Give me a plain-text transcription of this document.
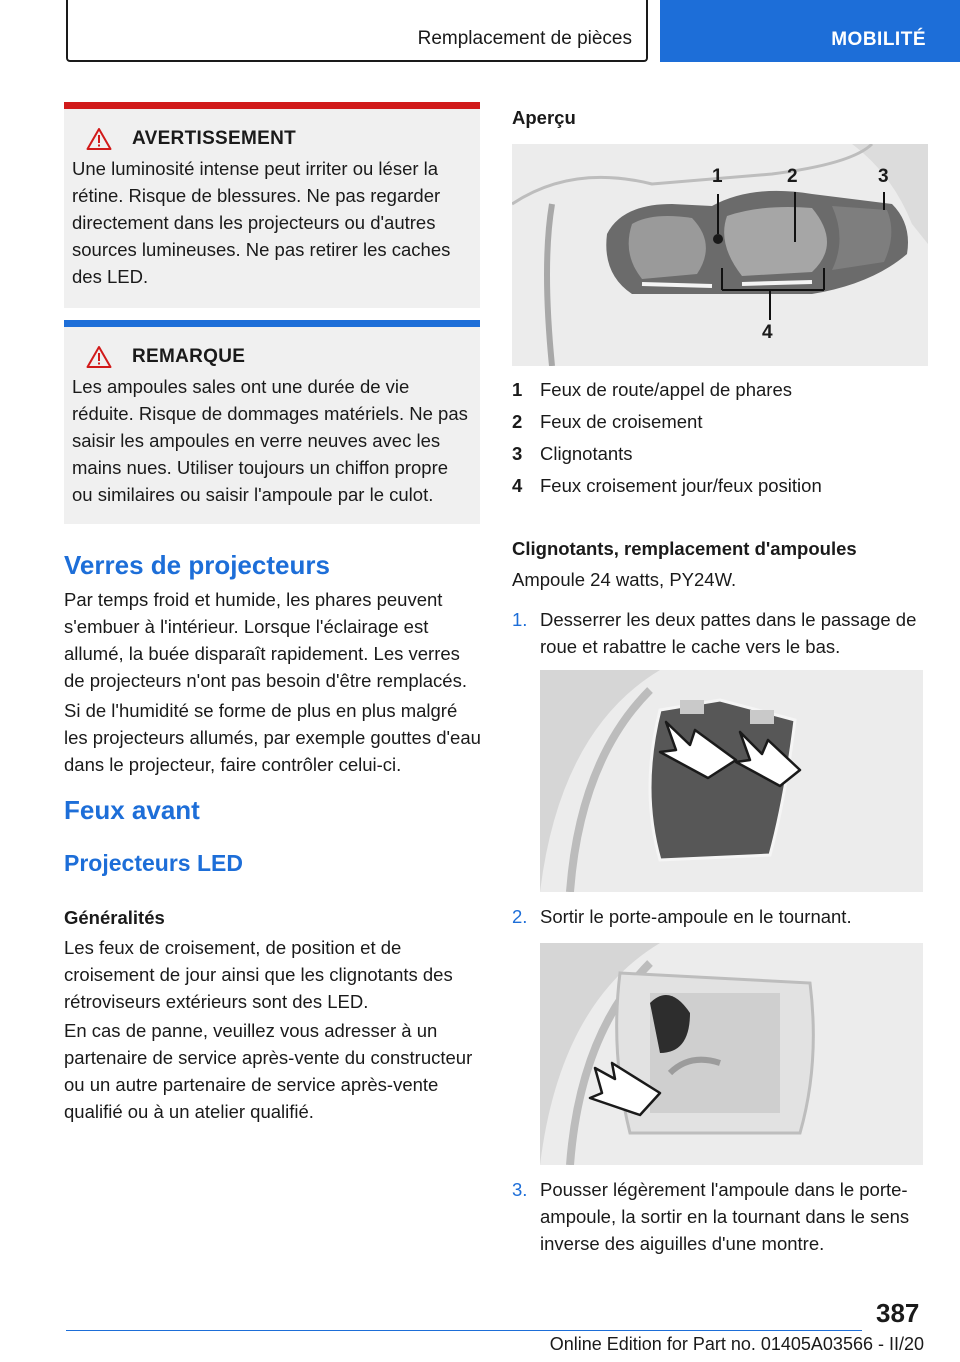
Remplacement de pièces	MOBILITÉ
AVERTISSEMENT
Une luminosité intense peut irriter ou léser la rétine. Risque de blessures. Ne pas regarder directement dans les projecteurs ou d'autres sources lumineuses. Ne pas retirer les caches des LED.
REMARQUE
Les ampoules sales ont une durée de vie réduite. Risque de dommages matériels. Ne pas saisir les ampoules en verre neuves avec les mains nues. Utiliser toujours un chiffon propre ou similaires ou saisir l'ampoule par le culot.
Verres de projecteurs
Par temps froid et humide, les phares peuvent s'embuer à l'intérieur. Lorsque l'éclairage est allumé, la buée disparaît rapidement. Les verres de projecteurs n'ont pas besoin d'être remplacés.
Si de l'humidité se forme de plus en plus malgré les projecteurs allumés, par exemple gouttes d'eau dans le projecteur, faire contrôler celui-ci.
Feux avant
Projecteurs LED
Généralités
Les feux de croisement, de position et de croisement de jour ainsi que les clignotants des rétroviseurs extérieurs sont des LED.
En cas de panne, veuillez vous adresser à un partenaire de service après-vente du constructeur ou un autre partenaire de service après-vente qualifié ou à un atelier qualifié.
Aperçu
1	2	3
4
1 Feux de route/appel de phares
2 Feux de croisement
3 Clignotants
4 Feux croisement jour/feux position
Clignotants, remplacement d'ampoules
Ampoule 24 watts, PY24W.
1. Desserrer les deux pattes dans le passage de roue et rabattre le cache vers le bas.
2. Sortir le porte-ampoule en le tournant.
3. Pousser légèrement l'ampoule dans le porte-ampoule, la sortir en la tournant dans le sens inverse des aiguilles d'une montre.
387
Online Edition for Part no. 01405A03566 - II/20
